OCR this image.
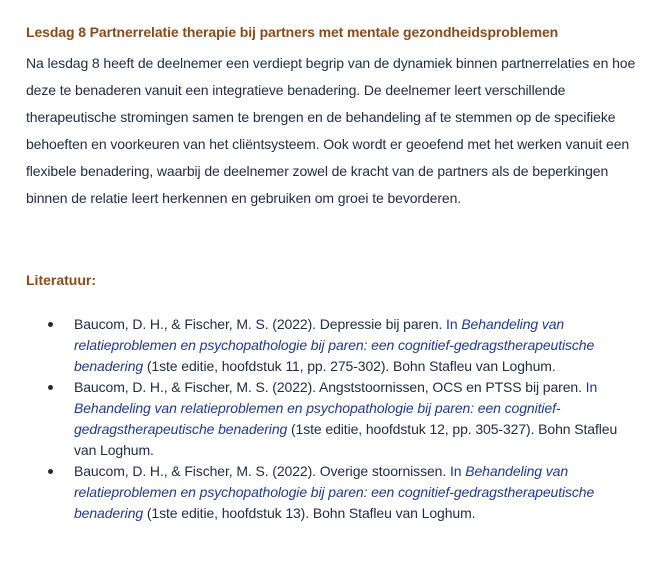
Lesdag 8 Partnerrelatie therapie bij partners met mentale gezondheidsproblemen

Na lesdag 8 heeft de deelnemer een verdiept begrip van de dynamiek binnen partnerrelaties en hoe deze te benaderen vanuit een integratieve benadering. De deelnemer leert verschillende therapeutische stromingen samen te brengen en de behandeling af te stemmen op de specifieke behoeften en voorkeuren van het cliëntsysteem. Ook wordt er geoefend met het werken vanuit een flexibele benadering, waarbij de deelnemer zowel de kracht van de partners als de beperkingen binnen de relatie leert herkennen en gebruiken om groei te bevorderen.

Literatuur:
Baucom, D. H., & Fischer, M. S. (2022). Depressie bij paren. In Behandeling van relatieproblemen en psychopathologie bij paren: een cognitief-gedragstherapeutische benadering (1ste editie, hoofdstuk 11, pp. 275-302). Bohn Stafleu van Loghum.
Baucom, D. H., & Fischer, M. S. (2022). Angststoornissen, OCS en PTSS bij paren. In Behandeling van relatieproblemen en psychopathologie bij paren: een cognitief-gedragstherapeutische benadering (1ste editie, hoofdstuk 12, pp. 305-327). Bohn Stafleu van Loghum.
Baucom, D. H., & Fischer, M. S. (2022). Overige stoornissen. In Behandeling van relatieproblemen en psychopathologie bij paren: een cognitief-gedragstherapeutische benadering (1ste editie, hoofdstuk 13). Bohn Stafleu van Loghum.
